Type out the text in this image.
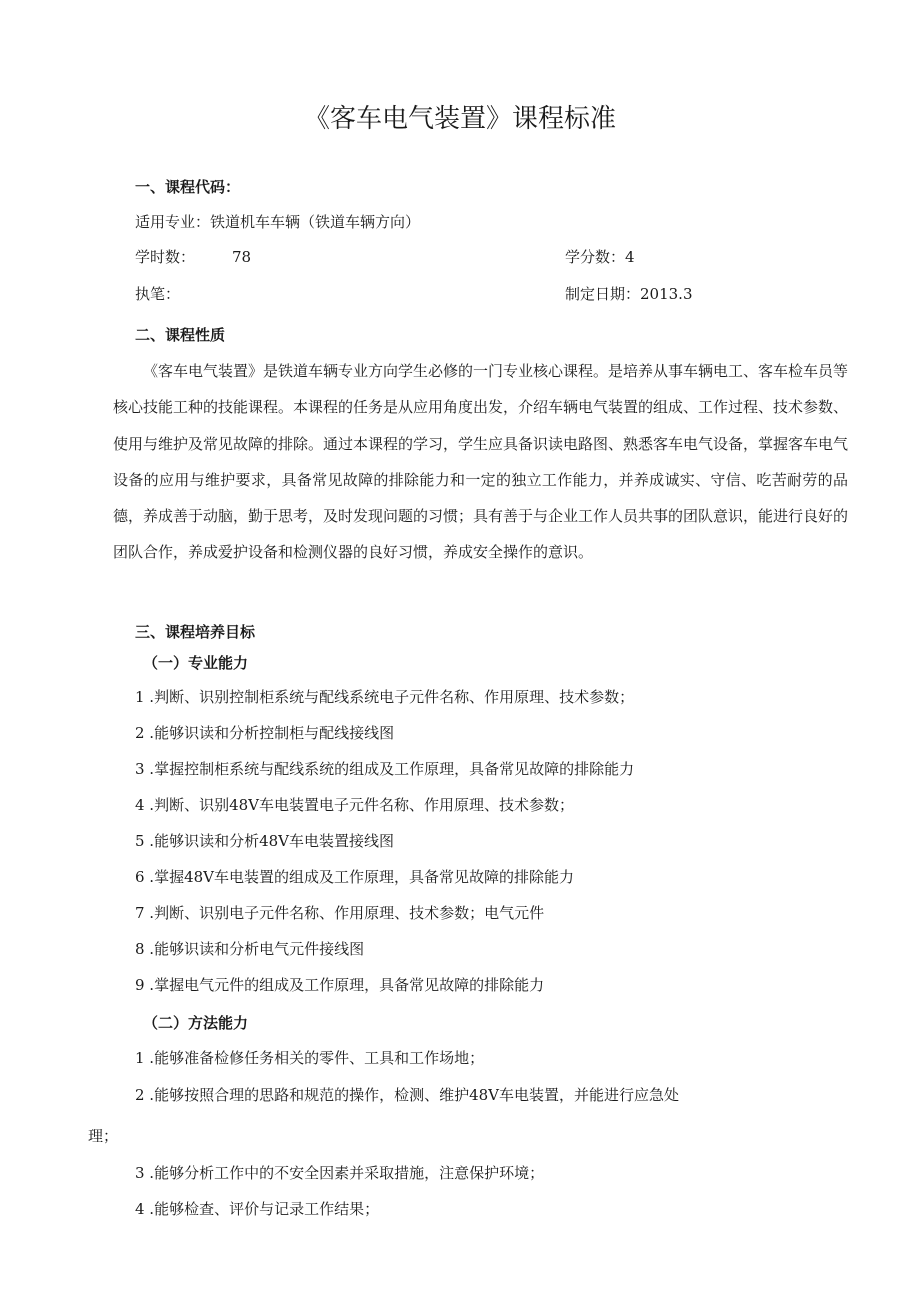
《客车电气装置》课程标准
一、课程代码：
适用专业：铁道机车车辆（铁道车辆方向）
学时数： 78	学分数：4
执笔：	制定日期：2013.3
二、课程性质
《客车电气装置》是铁道车辆专业方向学生必修的一门专业核心课程。是培养从事车辆电工、客车检车员等核心技能工种的技能课程。本课程的任务是从应用角度出发，介绍车辆电气装置的组成、工作过程、技术参数、使用与维护及常见故障的排除。通过本课程的学习，学生应具备识读电路图、熟悉客车电气设备，掌握客车电气设备的应用与维护要求，具备常见故障的排除能力和一定的独立工作能力，并养成诚实、守信、吃苦耐劳的品德，养成善于动脑，勤于思考，及时发现问题的习惯；具有善于与企业工作人员共事的团队意识，能进行良好的团队合作，养成爱护设备和检测仪器的良好习惯，养成安全操作的意识。
三、课程培养目标
（一）专业能力
1 .判断、识别控制柜系统与配线系统电子元件名称、作用原理、技术参数；
2 .能够识读和分析控制柜与配线接线图
3 .掌握控制柜系统与配线系统的组成及工作原理，具备常见故障的排除能力
4 .判断、识别48V车电装置电子元件名称、作用原理、技术参数；
5 .能够识读和分析48V车电装置接线图
6 .掌握48V车电装置的组成及工作原理，具备常见故障的排除能力
7 .判断、识别电子元件名称、作用原理、技术参数；电气元件
8 .能够识读和分析电气元件接线图
9 .掌握电气元件的组成及工作原理，具备常见故障的排除能力
（二）方法能力
1 .能够准备检修任务相关的零件、工具和工作场地；
2 .能够按照合理的思路和规范的操作，检测、维护48V车电装置，并能进行应急处
理；
3 .能够分析工作中的不安全因素并采取措施，注意保护环境；
4 .能够检查、评价与记录工作结果；
